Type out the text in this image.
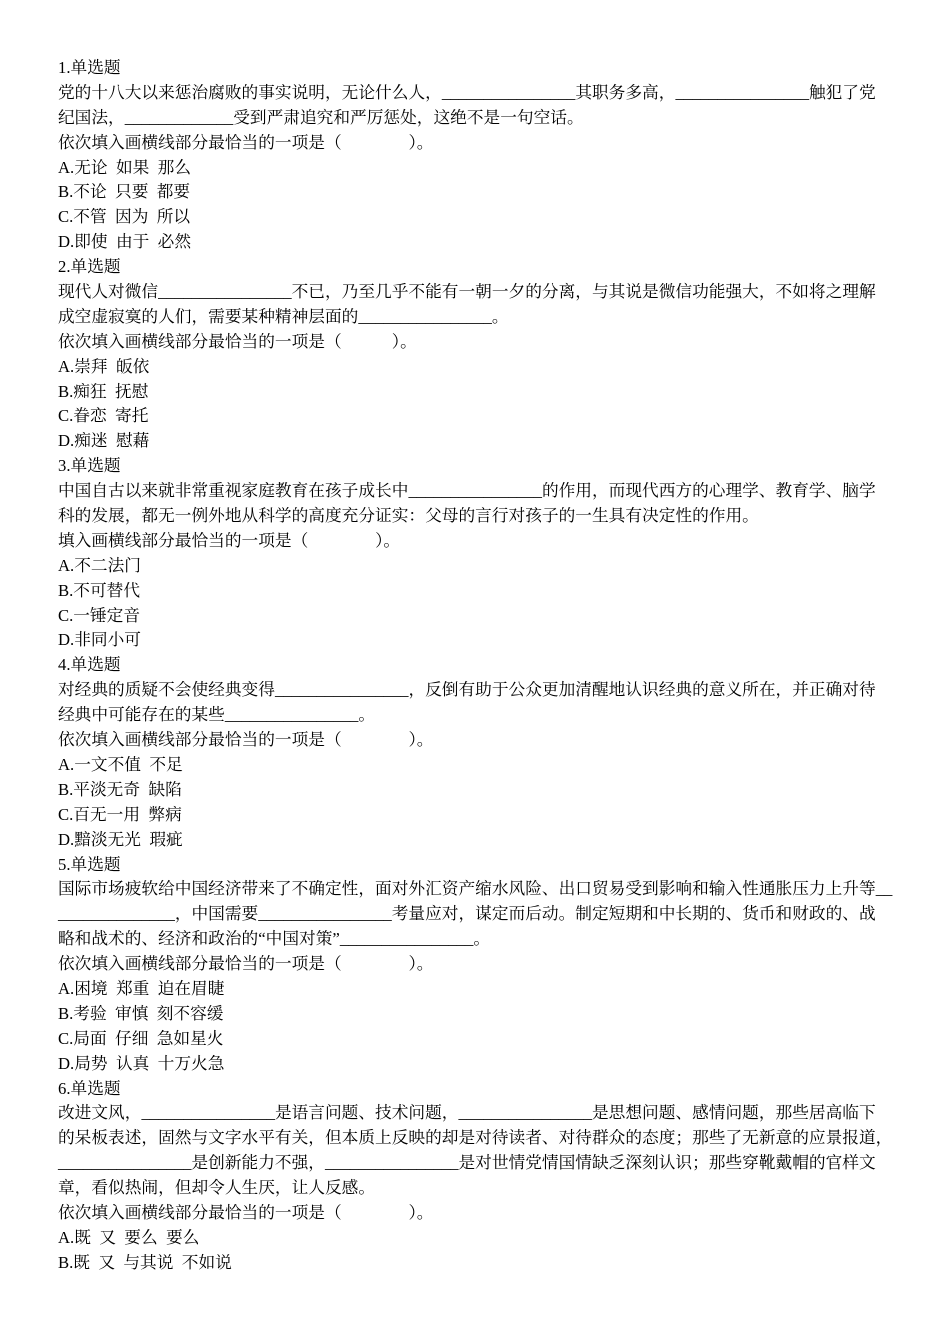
1.单选题
党的十八大以来惩治腐败的事实说明，无论什么人， ________________ 其职务多高， ________________ 触犯了党
纪国法， _____________ 受到严肃追究和严厉惩处，这绝不是一句空话。
依次填入画横线部分最恰当的一项是（        ）。
A.无论 如果 那么
B.不论 只要 都要
C.不管 因为 所以
D.即使 由于 必然
2.单选题
现代人对微信 ________________ 不已，乃至几乎不能有一朝一夕的分离，与其说是微信功能强大，不如将之理解
成空虚寂寞的人们，需要某种精神层面的 ________________ 。
依次填入画横线部分最恰当的一项是（      ）。
A.崇拜 皈依
B.痴狂 抚慰
C.眷恋 寄托
D.痴迷 慰藉
3.单选题
中国自古以来就非常重视家庭教育在孩子成长中 ________________ 的作用，而现代西方的心理学、教育学、脑学
科的发展，都无一例外地从科学的高度充分证实：父母的言行对孩子的一生具有决定性的作用。
填入画横线部分最恰当的一项是（        ）。
A.不二法门
B.不可替代
C.一锤定音
D.非同小可
4.单选题
对经典的质疑不会使经典变得 ________________ ，反倒有助于公众更加清醒地认识经典的意义所在，并正确对待
经典中可能存在的某些 ________________ 。
依次填入画横线部分最恰当的一项是（        ）。
A.一文不值 不足
B.平淡无奇 缺陷
C.百无一用 弊病
D.黯淡无光 瑕疵
5.单选题
国际市场疲软给中国经济带来了不确定性，面对外汇资产缩水风险、出口贸易受到影响和输入性通胀压力上升等 __
______________ ，中国需要 ________________ 考量应对，谋定而后动。制定短期和中长期的、货币和财政的、战
略和战术的、经济和政治的“中国对策” ________________ 。
依次填入画横线部分最恰当的一项是（        ）。
A.困境 郑重 迫在眉睫
B.考验 审慎 刻不容缓
C.局面 仔细 急如星火
D.局势 认真 十万火急
6.单选题
改进文风， ________________ 是语言问题、技术问题， ________________ 是思想问题、感情问题，那些居高临下
的呆板表述，固然与文字水平有关，但本质上反映的却是对待读者、对待群众的态度；那些了无新意的应景报道，
________________ 是创新能力不强， ________________ 是对世情党情国情缺乏深刻认识；那些穿靴戴帽的官样文
章，看似热闹，但却令人生厌，让人反感。
依次填入画横线部分最恰当的一项是（        ）。
A.既 又 要么 要么
B.既 又 与其说 不如说
